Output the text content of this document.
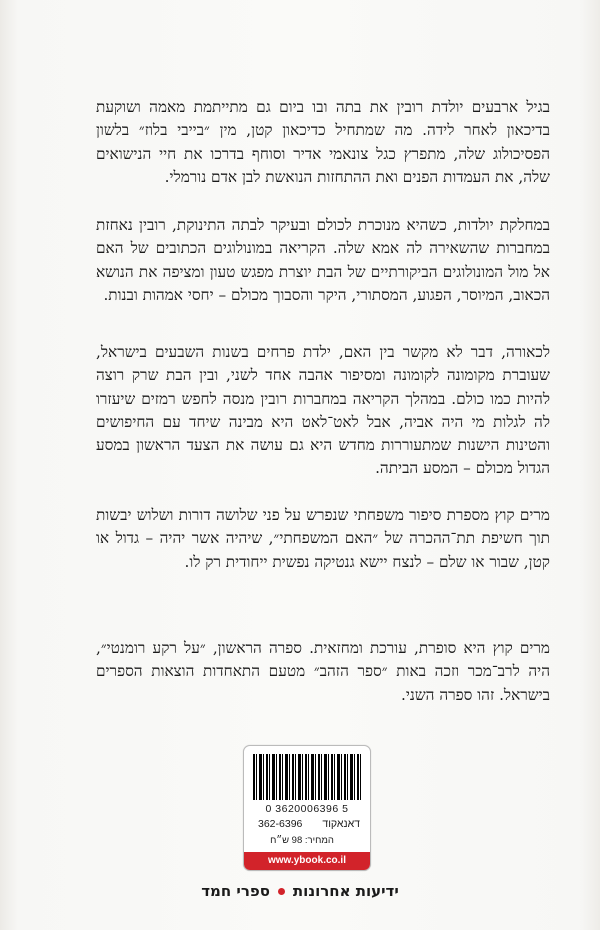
בגיל ארבעים יולדת רובין את בתה ובו ביום גם מתייתמת מאמה ושוקעת בדיכאון לאחר לידה. מה שמתחיל כדיכאון קטן, מין ״בייבי בלוז״ בלשון הפסיכולוג שלה, מתפרץ כגל צונאמי אדיר וסוחף בדרכו את חיי הנישואים שלה, את העמדות הפנים ואת ההתחזות הנואשת לבן אדם נורמלי.

במחלקת יולדות, כשהיא מנוכרת לכולם ובעיקר לבתה התינוקת, רובין נאחזת במחברות שהשאירה לה אמא שלה. הקריאה במונולוגים הכתובים של האם אל מול המונולוגים הביקורתיים של הבת יוצרת מפגש טעון ומציפה את הנושא הכאוב, המיוסר, הפגוע, המסתורי, היקר והסבוך מכולם – יחסי אמהות ובנות.

לכאורה, דבר לא מקשר בין האם, ילדת פרחים בשנות השבעים בישראל, שעוברת מקומונה לקומונה ומסיפור אהבה אחד לשני, ובין הבת שרק רוצה להיות כמו כולם. במהלך הקריאה במחברות רובין מנסה לחפש רמזים שיעזרו לה לגלות מי היה אביה, אבל לאט־לאט היא מבינה שיחד עם החיפושים והטינות הישנות שמתעוררות מחדש היא גם עושה את הצעד הראשון במסע הגדול מכולם – המסע הביתה.

מרים קוץ מספרת סיפור משפחתי שנפרש על פני שלושה דורות ושלוש יבשות תוך חשיפת תת־ההכרה של ״האם המשפחתי״, שיהיה אשר יהיה – גדול או קטן, שבור או שלם – לנצח יישא גנטיקה נפשית ייחודית רק לו.

מרים קוץ היא סופרת, עורכת ומחזאית. ספרה הראשון, ״על רקע רומנטי״, היה לרב־מכר וזכה באות ״ספר הזהב״ מטעם התאחדות הוצאות הספרים בישראל. זהו ספרה השני.

0 3620006396 5
362-6396 דאנאקוד
המחיר: 98 ש״ח
www.ybook.co.il
ידיעות אחרונותספרי חמד
